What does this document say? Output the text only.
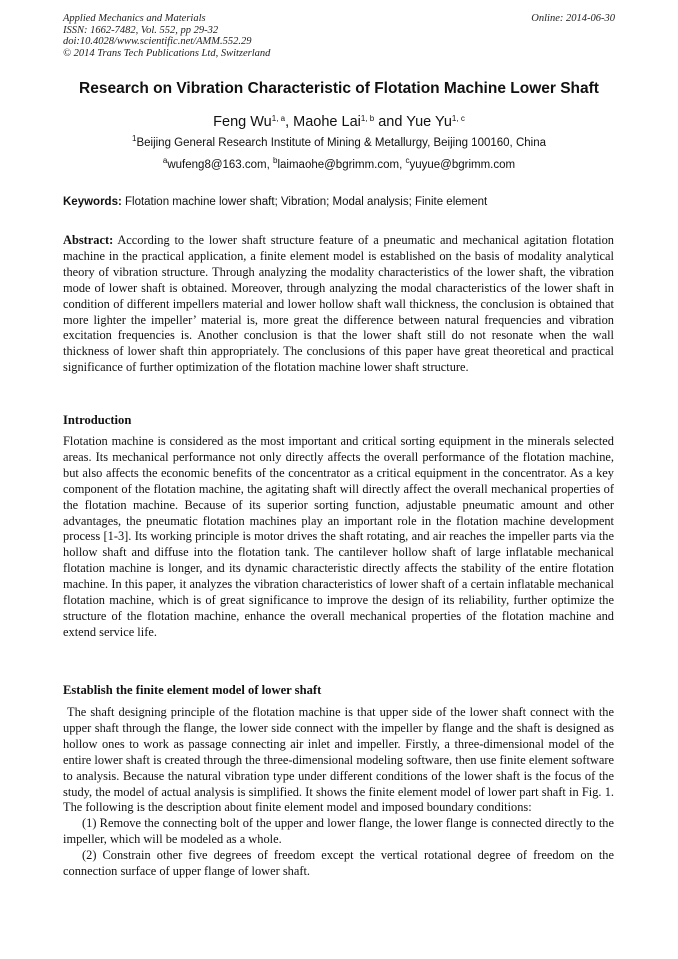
Applied Mechanics and Materials
ISSN: 1662-7482, Vol. 552, pp 29-32
doi:10.4028/www.scientific.net/AMM.552.29
© 2014 Trans Tech Publications Ltd, Switzerland
Online: 2014-06-30
Research on Vibration Characteristic of Flotation Machine Lower Shaft
Feng Wu$^{1, a}$, Maohe Lai$^{1, b}$ and Yue Yu$^{1, c}$
$^1$Beijing General Research Institute of Mining & Metallurgy, Beijing 100160, China
$^a$wufeng8@163.com, $^b$laimaohe@bgrimm.com, $^c$yuyue@bgrimm.com
Keywords: Flotation machine lower shaft; Vibration; Modal analysis; Finite element

Abstract: According to the lower shaft structure feature of a pneumatic and mechanical agitation flotation machine in the practical application, a finite element model is established on the basis of modality analytical theory of vibration structure. Through analyzing the modality characteristics of the lower shaft, the vibration mode of lower shaft is obtained. Moreover, through analyzing the modal characteristics of the lower shaft in condition of different impellers material and lower hollow shaft wall thickness, the conclusion is obtained that more lighter the impeller’ material is, more great the difference between natural frequencies and vibration excitation frequencies is. Another conclusion is that the lower shaft still do not resonate when the wall thickness of lower shaft thin appropriately. The conclusions of this paper have great theoretical and practical significance of further optimization of the flotation machine lower shaft structure.

Introduction

Flotation machine is considered as the most important and critical sorting equipment in the minerals selected areas. Its mechanical performance not only directly affects the overall performance of the flotation machine, but also affects the economic benefits of the concentrator as a critical equipment in the concentrator. As a key component of the flotation machine, the agitating shaft will directly affect the overall mechanical properties of the flotation machine. Because of its superior sorting function, adjustable pneumatic amount and other advantages, the pneumatic flotation machines play an important role in the flotation machine development process [1-3]. Its working principle is motor drives the shaft rotating, and air reaches the impeller parts via the hollow shaft and diffuse into the flotation tank. The cantilever hollow shaft of large inflatable mechanical flotation machine is longer, and its dynamic characteristic directly affects the stability of the entire flotation machine. In this paper, it analyzes the vibration characteristics of lower shaft of a certain inflatable mechanical flotation machine, which is of great significance to improve the design of its reliability, further optimize the structure of the flotation machine, enhance the overall mechanical properties of the flotation machine and extend service life.

Establish the finite element model of lower shaft

The shaft designing principle of the flotation machine is that upper side of the lower shaft connect with the upper shaft through the flange, the lower side connect with the impeller by flange and the shaft is designed as hollow ones to work as passage connecting air inlet and impeller. Firstly, a three-dimensional model of the entire lower shaft is created through the three-dimensional modeling software, then use finite element software to analysis. Because the natural vibration type under different conditions of the lower shaft is the focus of the study, the model of actual analysis is simplified. It shows the finite element model of lower part shaft in Fig. 1. The following is the description about finite element model and imposed boundary conditions:

(1) Remove the connecting bolt of the upper and lower flange, the lower flange is connected directly to the impeller, which will be modeled as a whole.

(2) Constrain other five degrees of freedom except the vertical rotational degree of freedom on the connection surface of upper flange of lower shaft.
